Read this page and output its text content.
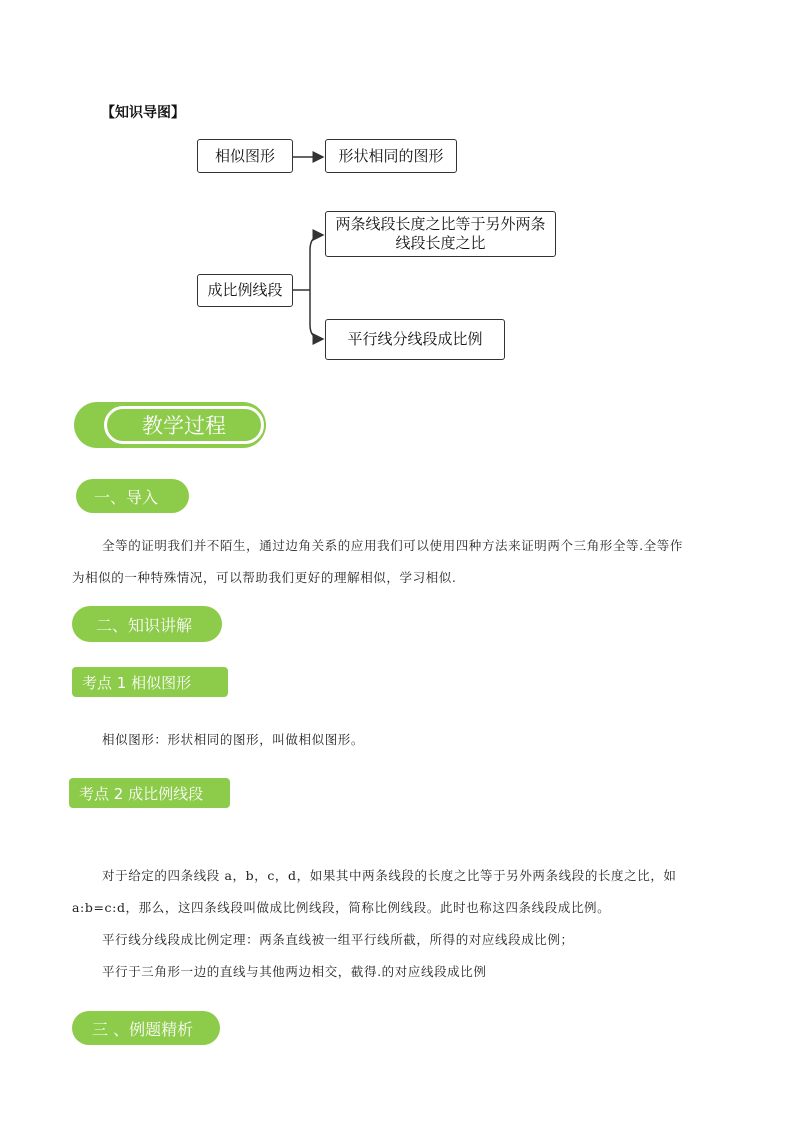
【知识导图】
相似图形	形状相同的图形
成比例线段
两条线段长度之比等于另外两条
线段长度之比
平行线分线段成比例
教学过程
一、导入
全等的证明我们并不陌生，通过边角关系的应用我们可以使用四种方法来证明两个三角形全等.全等作
为相似的一种特殊情况，可以帮助我们更好的理解相似，学习相似.
二、知识讲解
考点 1 相似图形
相似图形：形状相同的图形，叫做相似图形。
考点 2 成比例线段
对于给定的四条线段 a，b，c，d，如果其中两条线段的长度之比等于另外两条线段的长度之比，如
a:b=c:d，那么，这四条线段叫做成比例线段，简称比例线段。此时也称这四条线段成比例。
平行线分线段成比例定理：两条直线被一组平行线所截，所得的对应线段成比例；
平行于三角形一边的直线与其他两边相交，截得.的对应线段成比例
三 、例题精析
